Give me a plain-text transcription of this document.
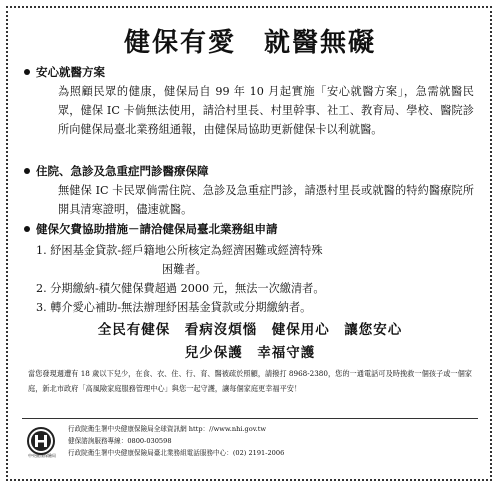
健保有愛　就醫無礙
安心就醫方案
為照顧民眾的健康，健保局自 99 年 10 月起實施「安心就醫方案」，急需就醫民眾，健保 IC 卡倘無法使用，請洽村里長、村里幹事、社工、教育局、學校、醫院診所向健保局臺北業務組通報，由健保局協助更新健保卡以利就醫。
住院、急診及急重症門診醫療保障
無健保 IC 卡民眾倘需住院、急診及急重症門診，請憑村里長或就醫的特約醫療院所開具清寒證明，儘速就醫。
健保欠費協助措施－請洽健保局臺北業務組申請
1. 紓困基金貸款-經戶籍地公所核定為經濟困難或經濟特殊
困難者。
2. 分期繳納-積欠健保費超過 2000 元，無法一次繳清者。
3. 轉介愛心補助-無法辦理紓困基金貸款或分期繳納者。
全民有健保　看病沒煩惱　健保用心　讓您安心
兒少保護　幸福守護
當您發現週遭有 18 歲以下兒少，在食、衣、住、行、育、醫被疏於照顧，請撥打 8968-2380，您的一通電話可及時挽救一個孩子或一個家庭，新北市政府「高風險家庭服務管理中心」與您一起守護，讓每個家庭更幸福平安！
中央健康保險局
行政院衛生署中央健康保險局全球資訊網 http：//www.nhi.gov.tw
健保諮詢服務專線：0800-030598
行政院衛生署中央健康保險局臺北業務組電話服務中心：(02) 2191-2006
